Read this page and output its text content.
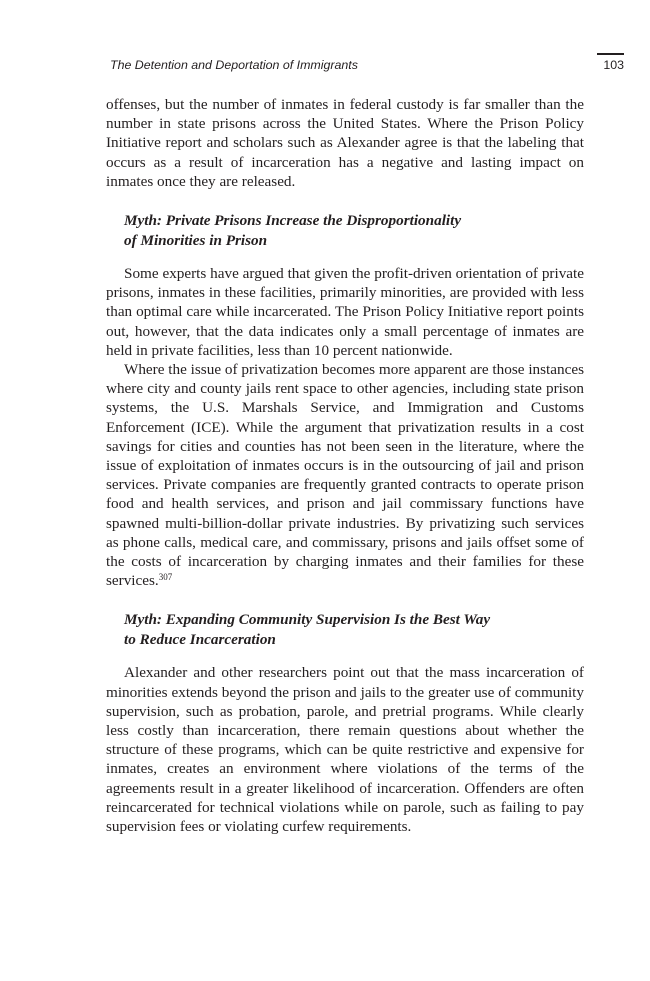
The Detention and Deportation of Immigrants	103

offenses, but the number of inmates in federal custody is far smaller than the number in state prisons across the United States. Where the Prison Policy Initiative report and scholars such as Alexander agree is that the labeling that occurs as a result of incarceration has a negative and lasting impact on inmates once they are released.

Myth: Private Prisons Increase the Disproportionality
of Minorities in Prison

Some experts have argued that given the profit-driven orientation of private prisons, inmates in these facilities, primarily minorities, are provided with less than optimal care while incarcerated. The Prison Policy Initiative report points out, however, that the data indicates only a small percentage of inmates are held in private facilities, less than 10 percent nationwide.

Where the issue of privatization becomes more apparent are those instances where city and county jails rent space to other agencies, including state prison systems, the U.S. Marshals Service, and Immigration and Customs Enforcement (ICE). While the argument that privatization results in a cost savings for cities and counties has not been seen in the literature, where the issue of exploitation of inmates occurs is in the outsourcing of jail and prison services. Private companies are frequently granted contracts to operate prison food and health services, and prison and jail commissary functions have spawned multi-billion-dollar private industries. By privatizing such services as phone calls, medical care, and commissary, prisons and jails offset some of the costs of incarceration by charging inmates and their families for these services.$^{307}$

Myth: Expanding Community Supervision Is the Best Way
to Reduce Incarceration

Alexander and other researchers point out that the mass incarceration of minorities extends beyond the prison and jails to the greater use of community supervision, such as probation, parole, and pretrial programs. While clearly less costly than incarceration, there remain questions about whether the structure of these programs, which can be quite restrictive and expensive for inmates, creates an environment where violations of the terms of the agreements result in a greater likelihood of incarceration. Offenders are often reincarcerated for technical violations while on parole, such as failing to pay supervision fees or violating curfew requirements.
